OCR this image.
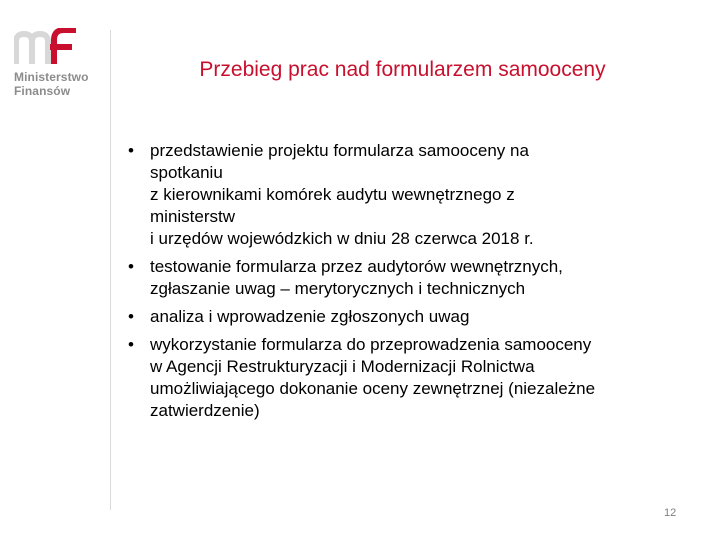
Ministerstwo
Finansów
Przebieg prac nad formularzem samooceny
• przedstawienie projektu formularza samooceny na
spotkaniu
z kierownikami komórek audytu wewnętrznego z
ministerstw
i urzędów wojewódzkich w dniu 28 czerwca 2018 r.
• testowanie formularza przez audytorów wewnętrznych,
zgłaszanie uwag – merytorycznych i technicznych
• analiza i wprowadzenie zgłoszonych uwag
• wykorzystanie formularza do przeprowadzenia samooceny
w Agencji Restrukturyzacji i Modernizacji Rolnictwa
umożliwiającego dokonanie oceny zewnętrznej (niezależne
zatwierdzenie)
12
